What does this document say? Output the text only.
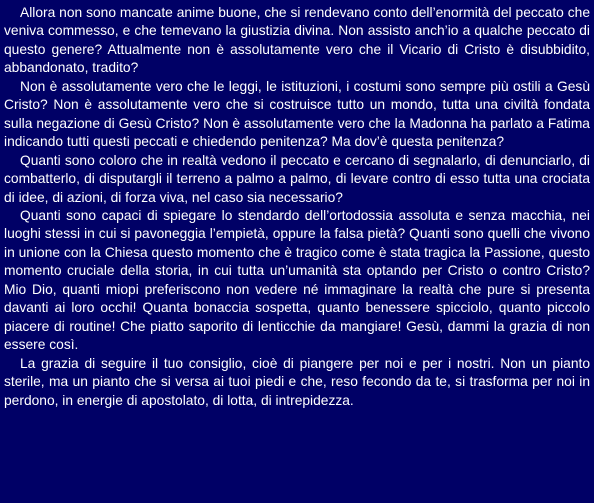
Allora non sono mancate anime buone, che si rendevano conto dell’enormità del peccato che veniva commesso, e che temevano la giustizia divina. Non assisto anch’io a qualche peccato di questo genere? Attualmente non è assolutamente vero che il Vicario di Cristo è disubbidito, abbandonato, tradito?

Non è assolutamente vero che le leggi, le istituzioni, i costumi sono sempre più ostili a Gesù Cristo? Non è assolutamente vero che si costruisce tutto un mondo, tutta una civiltà fondata sulla negazione di Gesù Cristo? Non è assolutamente vero che la Madonna ha parlato a Fatima indicando tutti questi peccati e chiedendo penitenza? Ma dov’è questa penitenza?

Quanti sono coloro che in realtà vedono il peccato e cercano di segnalarlo, di denunciarlo, di combatterlo, di disputargli il terreno a palmo a palmo, di levare contro di esso tutta una crociata di idee, di azioni, di forza viva, nel caso sia necessario?

Quanti sono capaci di spiegare lo stendardo dell’ortodossia assoluta e senza macchia, nei luoghi stessi in cui si pavoneggia l’empietà, oppure la falsa pietà? Quanti sono quelli che vivono in unione con la Chiesa questo momento che è tragico come è stata tragica la Passione, questo momento cruciale della storia, in cui tutta un’umanità sta optando per Cristo o contro Cristo? Mio Dio, quanti miopi preferiscono non vedere né immaginare la realtà che pure si presenta davanti ai loro occhi! Quanta bonaccia sospetta, quanto benessere spicciolo, quanto piccolo piacere di routine! Che piatto saporito di lenticchie da mangiare! Gesù, dammi la grazia di non essere così.

La grazia di seguire il tuo consiglio, cioè di piangere per noi e per i nostri. Non un pianto sterile, ma un pianto che si versa ai tuoi piedi e che, reso fecondo da te, si trasforma per noi in perdono, in energie di apostolato, di lotta, di intrepidezza.
